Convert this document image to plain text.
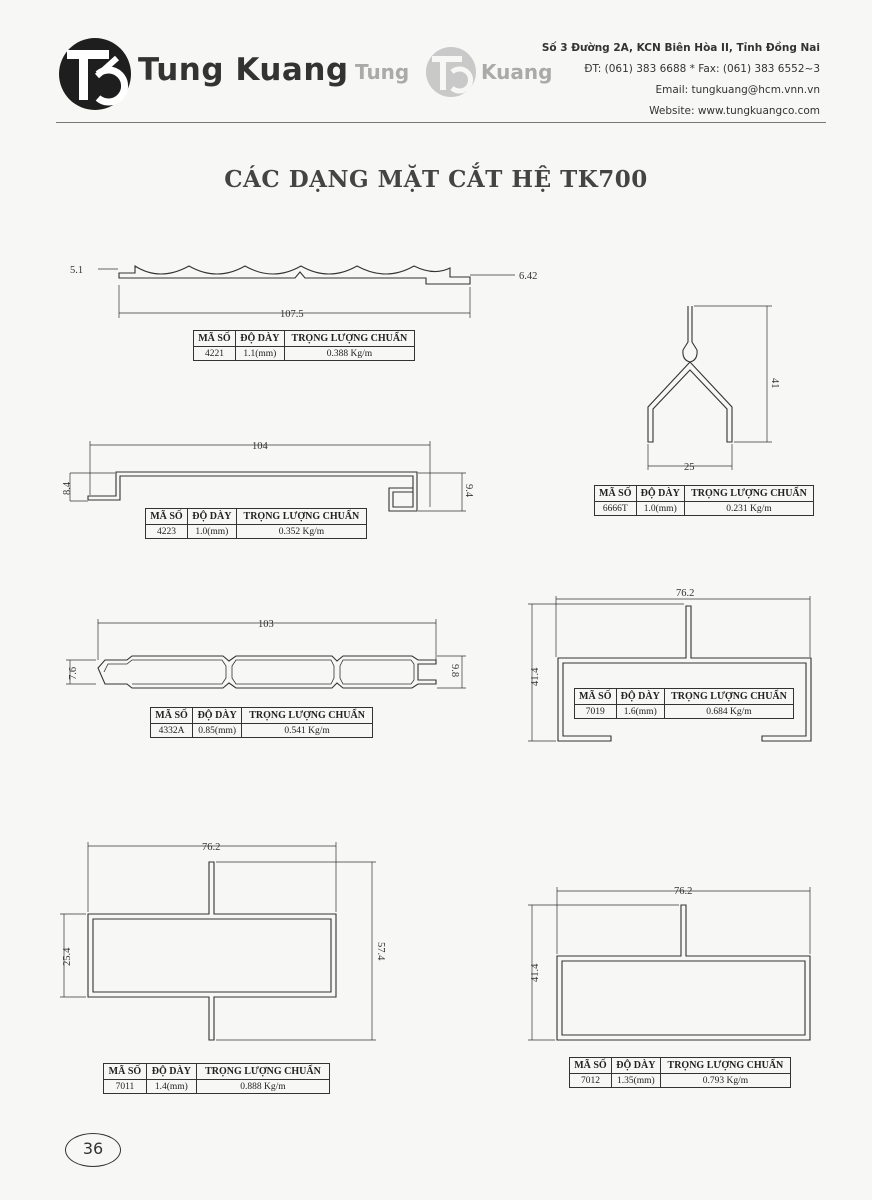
Tung Kuang Tung	Kuang
Số 3 Đường 2A, KCN Biên Hòa II, Tỉnh Đồng Nai
ĐT: (061) 383 6688 * Fax: (061) 383 6552~3
Email: tungkuang@hcm.vnn.vn
Website: www.tungkuangco.com
CÁC DẠNG MẶT CẮT HỆ TK700
5.1
6.42
107.5
41
25
104
8.4	9.4
103
7.6	9.8
76.2
41.4
76.2
25.4	57.4
76.2
41.4
MÃ SỐ	ĐỘ DÀY	TRỌNG LƯỢNG CHUẨN
4221	1.1(mm)	0.388 Kg/m
MÃ SỐ	ĐỘ DÀY	TRỌNG LƯỢNG CHUẨN
6666T	1.0(mm)	0.231 Kg/m
MÃ SỐ	ĐỘ DÀY	TRỌNG LƯỢNG CHUẨN
4223	1.0(mm)	0.352 Kg/m
MÃ SỐ	ĐỘ DÀY	TRỌNG LƯỢNG CHUẨN
4332A	0.85(mm)	0.541 Kg/m
MÃ SỐ	ĐỘ DÀY	TRỌNG LƯỢNG CHUẨN
7019	1.6(mm)	0.684 Kg/m
MÃ SỐ	ĐỘ DÀY	TRỌNG LƯỢNG CHUẨN
7011	1.4(mm)	0.888 Kg/m
MÃ SỐ	ĐỘ DÀY	TRỌNG LƯỢNG CHUẨN
7012	1.35(mm)	0.793 Kg/m
36
